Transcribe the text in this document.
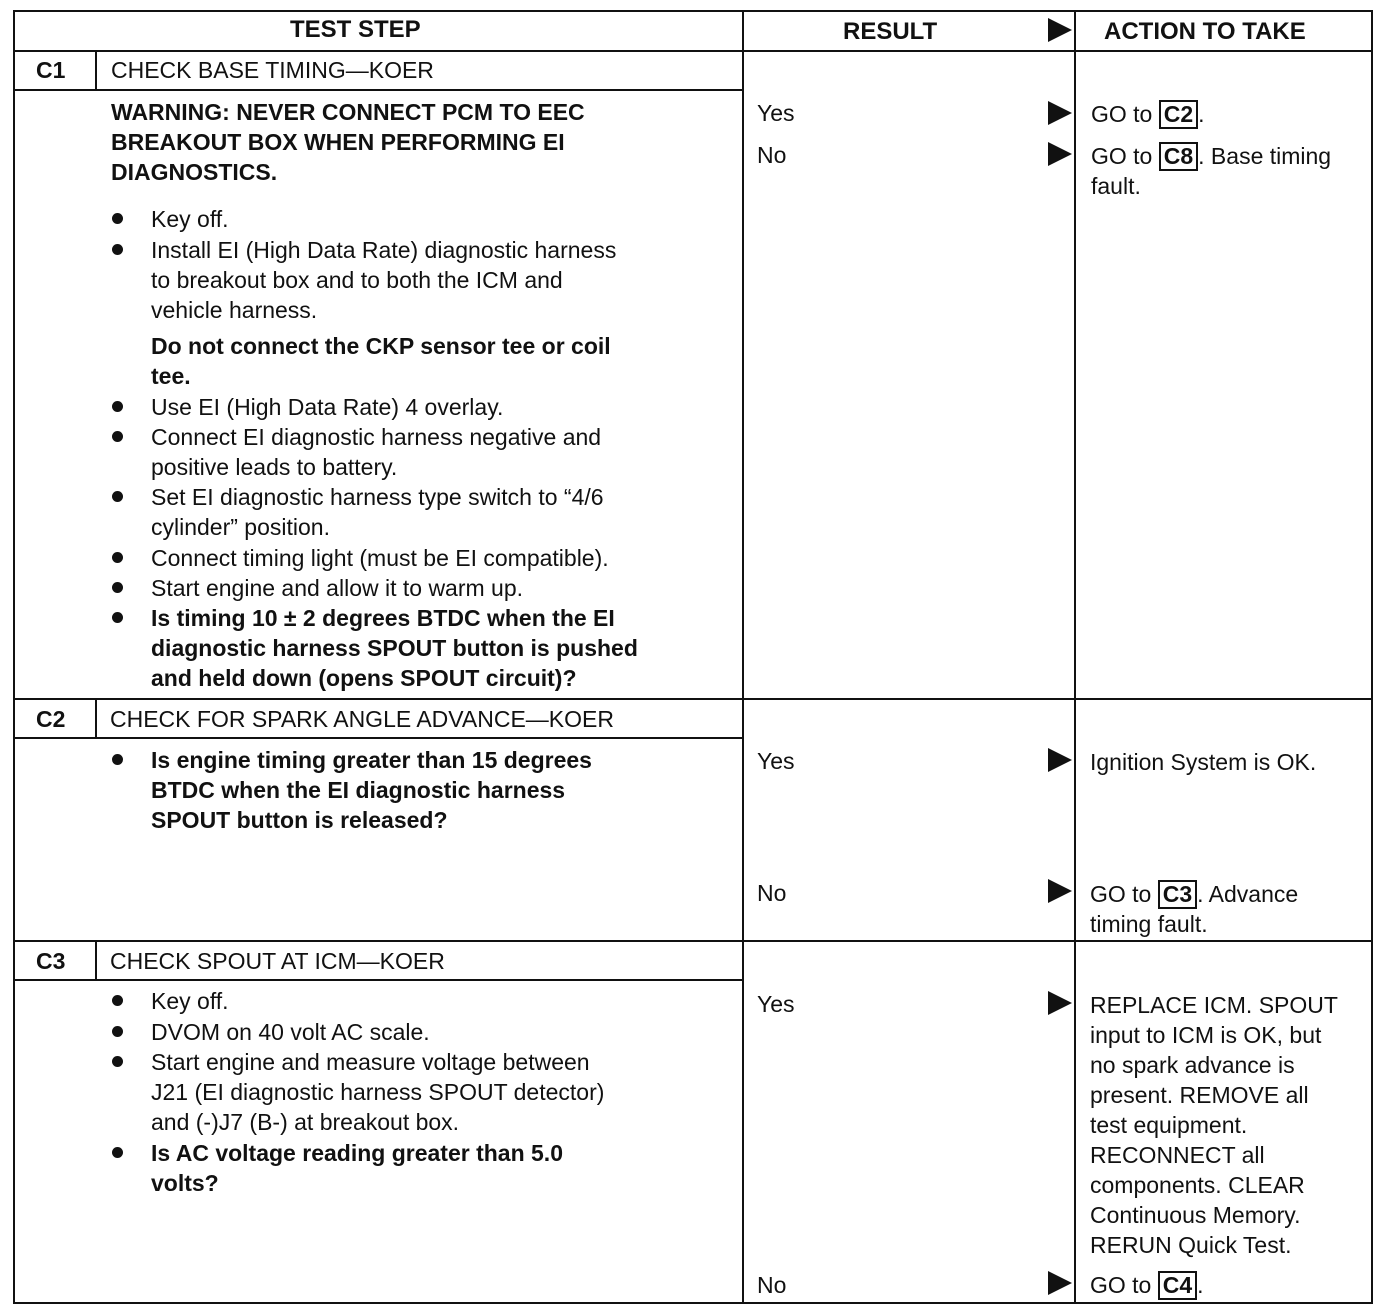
TEST STEP	RESULT	ACTION TO TAKE
C1 CHECK BASE TIMING—KOER
WARNING: NEVER CONNECT PCM TO EEC
BREAKOUT BOX WHEN PERFORMING EI
DIAGNOSTICS.
Key off.
Install EI (High Data Rate) diagnostic harness
to breakout box and to both the ICM and
vehicle harness.
Do not connect the CKP sensor tee or coil
tee.
Use EI (High Data Rate) 4 overlay.
Connect EI diagnostic harness negative and
positive leads to battery.
Set EI diagnostic harness type switch to “4/6
cylinder” position.
Connect timing light (must be EI compatible).
Start engine and allow it to warm up.
Is timing 10 ± 2 degrees BTDC when the EI
diagnostic harness SPOUT button is pushed
and held down (opens SPOUT circuit)?
Yes	GO to C2 .
No	GO to C8 . Base timing
fault.
C2 CHECK FOR SPARK ANGLE ADVANCE—KOER
Is engine timing greater than 15 degrees
BTDC when the EI diagnostic harness
SPOUT button is released?
Yes	Ignition System is OK.
No	GO to C3 . Advance
timing fault.
C3 CHECK SPOUT AT ICM—KOER
Key off.
DVOM on 40 volt AC scale.
Start engine and measure voltage between
J21 (EI diagnostic harness SPOUT detector)
and (-)J7 (B-) at breakout box.
Is AC voltage reading greater than 5.0
volts?
Yes	REPLACE ICM. SPOUT
input to ICM is OK, but
no spark advance is
present. REMOVE all
test equipment.
RECONNECT all
components. CLEAR
Continuous Memory.
RERUN Quick Test.
No	GO to C4 .
